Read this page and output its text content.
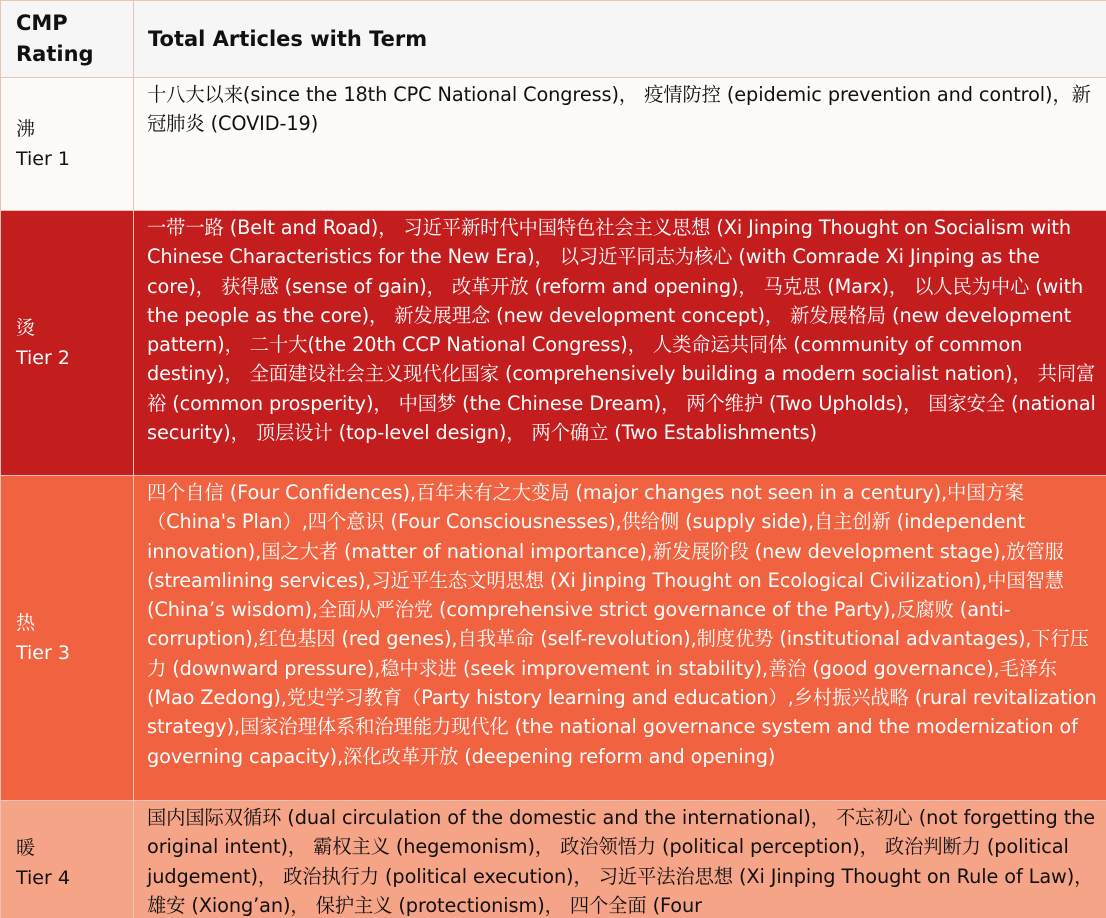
CMP Rating	Total Articles with Term

沸
Tier 1	十八大以来(since the 18th CPC National Congress)， 疫情防控 (epidemic prevention and control)，新冠肺炎 (COVID-19)

烫
Tier 2	一带一路 (Belt and Road)， 习近平新时代中国特色社会主义思想 (Xi Jinping Thought on Socialism with Chinese Characteristics for the New Era)， 以习近平同志为核心 (with Comrade Xi Jinping as the core)， 获得感 (sense of gain)， 改革开放 (reform and opening)， 马克思 (Marx)， 以人民为中心 (with the people as the core)， 新发展理念 (new development concept)， 新发展格局 (new development pattern)， 二十大(the 20th CCP National Congress)， 人类命运共同体 (community of common destiny)， 全面建设社会主义现代化国家 (comprehensively building a modern socialist nation)， 共同富裕 (common prosperity)， 中国梦 (the Chinese Dream)， 两个维护 (Two Upholds)， 国家安全 (national security)， 顶层设计 (top-level design)， 两个确立 (Two Establishments)

热
Tier 3	四个自信 (Four Confidences),百年未有之大变局 (major changes not seen in a century),中国方案（China's Plan）,四个意识 (Four Consciousnesses),供给侧 (supply side),自主创新 (independent innovation),国之大者 (matter of national importance),新发展阶段 (new development stage),放管服 (streamlining services),习近平生态文明思想 (Xi Jinping Thought on Ecological Civilization),中国智慧 (China’s wisdom),全面从严治党 (comprehensive strict governance of the Party),反腐败 (anti-corruption),红色基因 (red genes),自我革命 (self-revolution),制度优势 (institutional advantages),下行压力 (downward pressure),稳中求进 (seek improvement in stability),善治 (good governance),毛泽东 (Mao Zedong),党史学习教育（Party history learning and education）,乡村振兴战略 (rural revitalization strategy),国家治理体系和治理能力现代化 (the national governance system and the modernization of governing capacity),深化改革开放 (deepening reform and opening)

暖
Tier 4	国内国际双循环 (dual circulation of the domestic and the international)， 不忘初心 (not forgetting the original intent)， 霸权主义 (hegemonism)， 政治领悟力 (political perception)， 政治判断力 (political judgement)， 政治执行力 (political execution)， 习近平法治思想 (Xi Jinping Thought on Rule of Law)， 雄安 (Xiong’an)， 保护主义 (protectionism)， 四个全面 (Four
